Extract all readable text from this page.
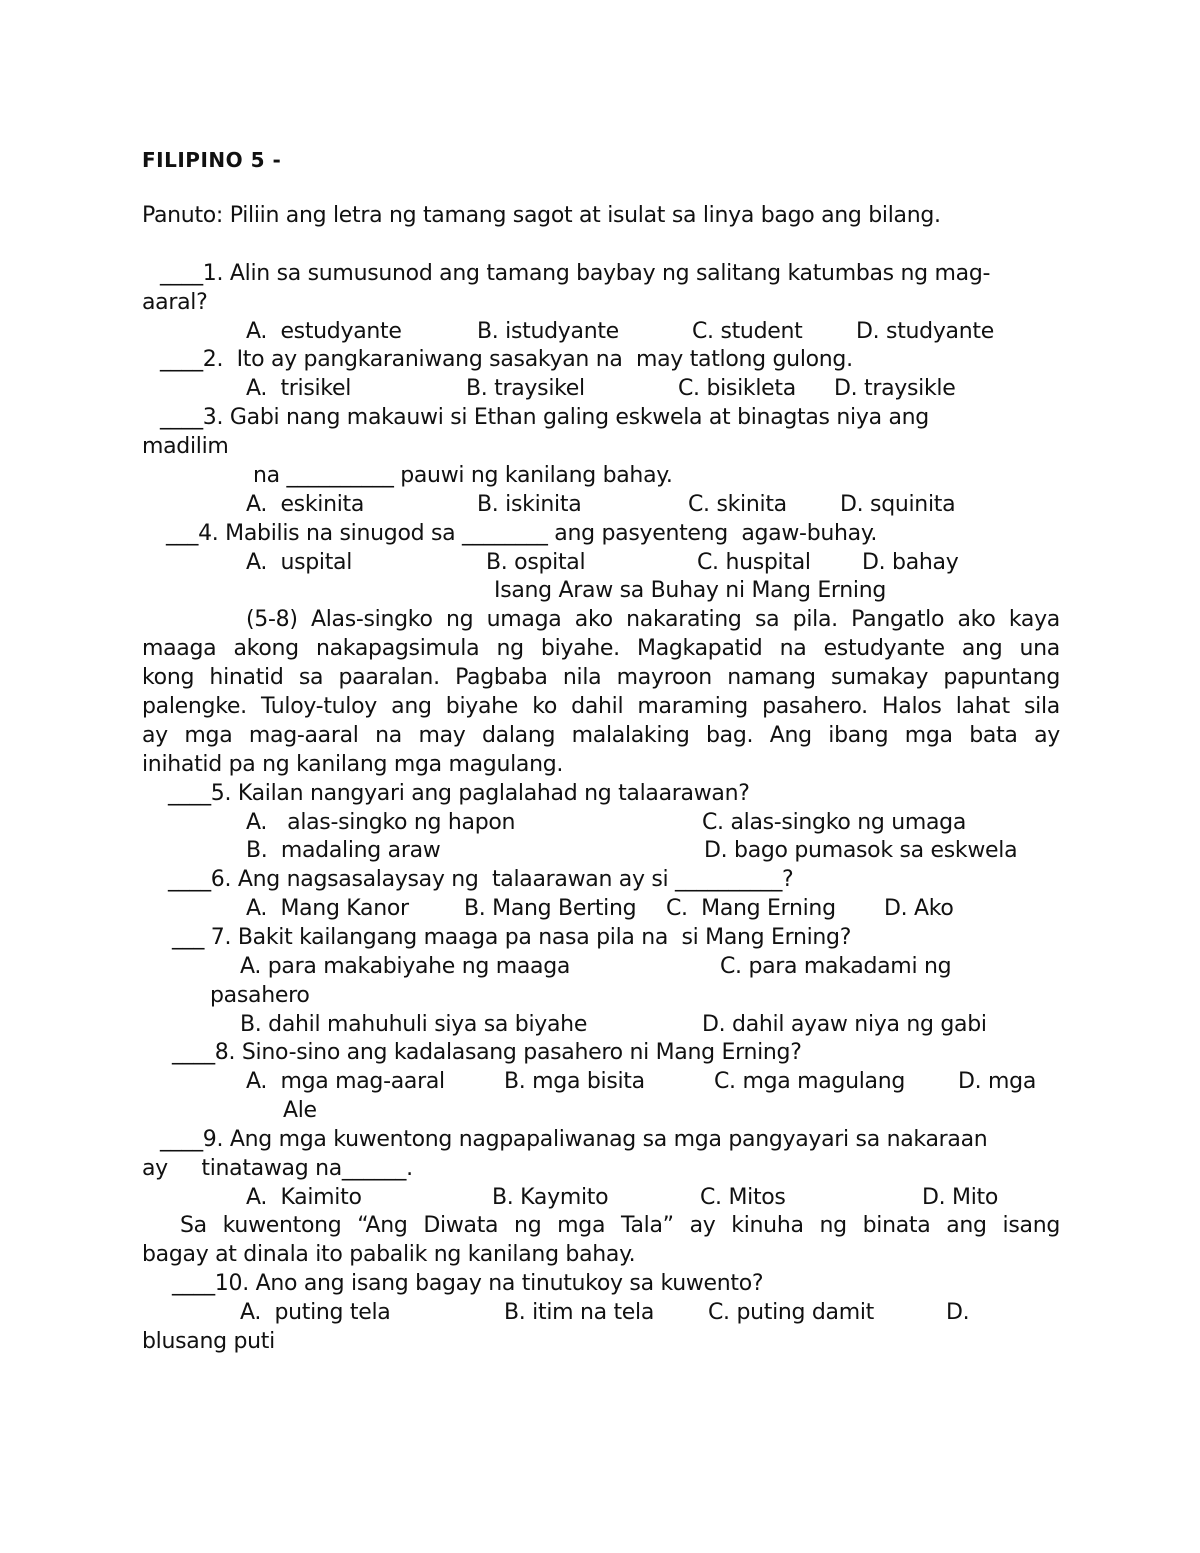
FILIPINO 5 -
Panuto: Piliin ang letra ng tamang sagot at isulat sa linya bago ang bilang.
____1. Alin sa sumusunod ang tamang baybay ng salitang katumbas ng mag-
aaral?
A.  estudyante	B. istudyante	C. student D. studyante
____2.  Ito ay pangkaraniwang sasakyan na  may tatlong gulong.
A.  trisikel	B. traysikel	C. bisikleta D. traysikle
____3. Gabi nang makauwi si Ethan galing eskwela at binagtas niya ang
madilim
na __________ pauwi ng kanilang bahay.
A.  eskinita	B. iskinita	C. skinita D. squinita
___4. Mabilis na sinugod sa ________ ang pasyenteng  agaw-buhay.
A.  uspital	B. ospital	C. huspital D. bahay
Isang Araw sa Buhay ni Mang Erning
(5-8) Alas-singko ng umaga ako nakarating sa pila. Pangatlo ako kaya
maaga akong nakapagsimula ng biyahe. Magkapatid na estudyante ang una
kong hinatid sa paaralan. Pagbaba nila mayroon namang sumakay papuntang
palengke. Tuloy-tuloy ang biyahe ko dahil maraming pasahero. Halos lahat sila
ay mga mag-aaral na may dalang malalaking bag. Ang ibang mga bata ay
inihatid pa ng kanilang mga magulang.
____5. Kailan nangyari ang paglalahad ng talaarawan?
A.   alas-singko ng hapon	C. alas-singko ng umaga
B.  madaling araw	D. bago pumasok sa eskwela
____6. Ang nagsasalaysay ng  talaarawan ay si __________?
A.  Mang Kanor	B. Mang Berting C.  Mang Erning D. Ako
___ 7. Bakit kailangang maaga pa nasa pila na  si Mang Erning?
A. para makabiyahe ng maaga	C. para makadami ng
pasahero
B. dahil mahuhuli siya sa biyahe	D. dahil ayaw niya ng gabi
____8. Sino-sino ang kadalasang pasahero ni Mang Erning?
A.  mga mag-aaral	B. mga bisita	C. mga magulang D. mga
Ale
____9. Ang mga kuwentong nagpapaliwanag sa mga pangyayari sa nakaraan
ay     tinatawag na______.
A.  Kaimito	B. Kaymito	C. Mitos	D. Mito
Sa kuwentong “Ang Diwata ng mga Tala” ay kinuha ng binata ang isang
bagay at dinala ito pabalik ng kanilang bahay.
____10. Ano ang isang bagay na tinutukoy sa kuwento?
A.  puting tela	B. itim na tela C. puting damit	D.
blusang puti
